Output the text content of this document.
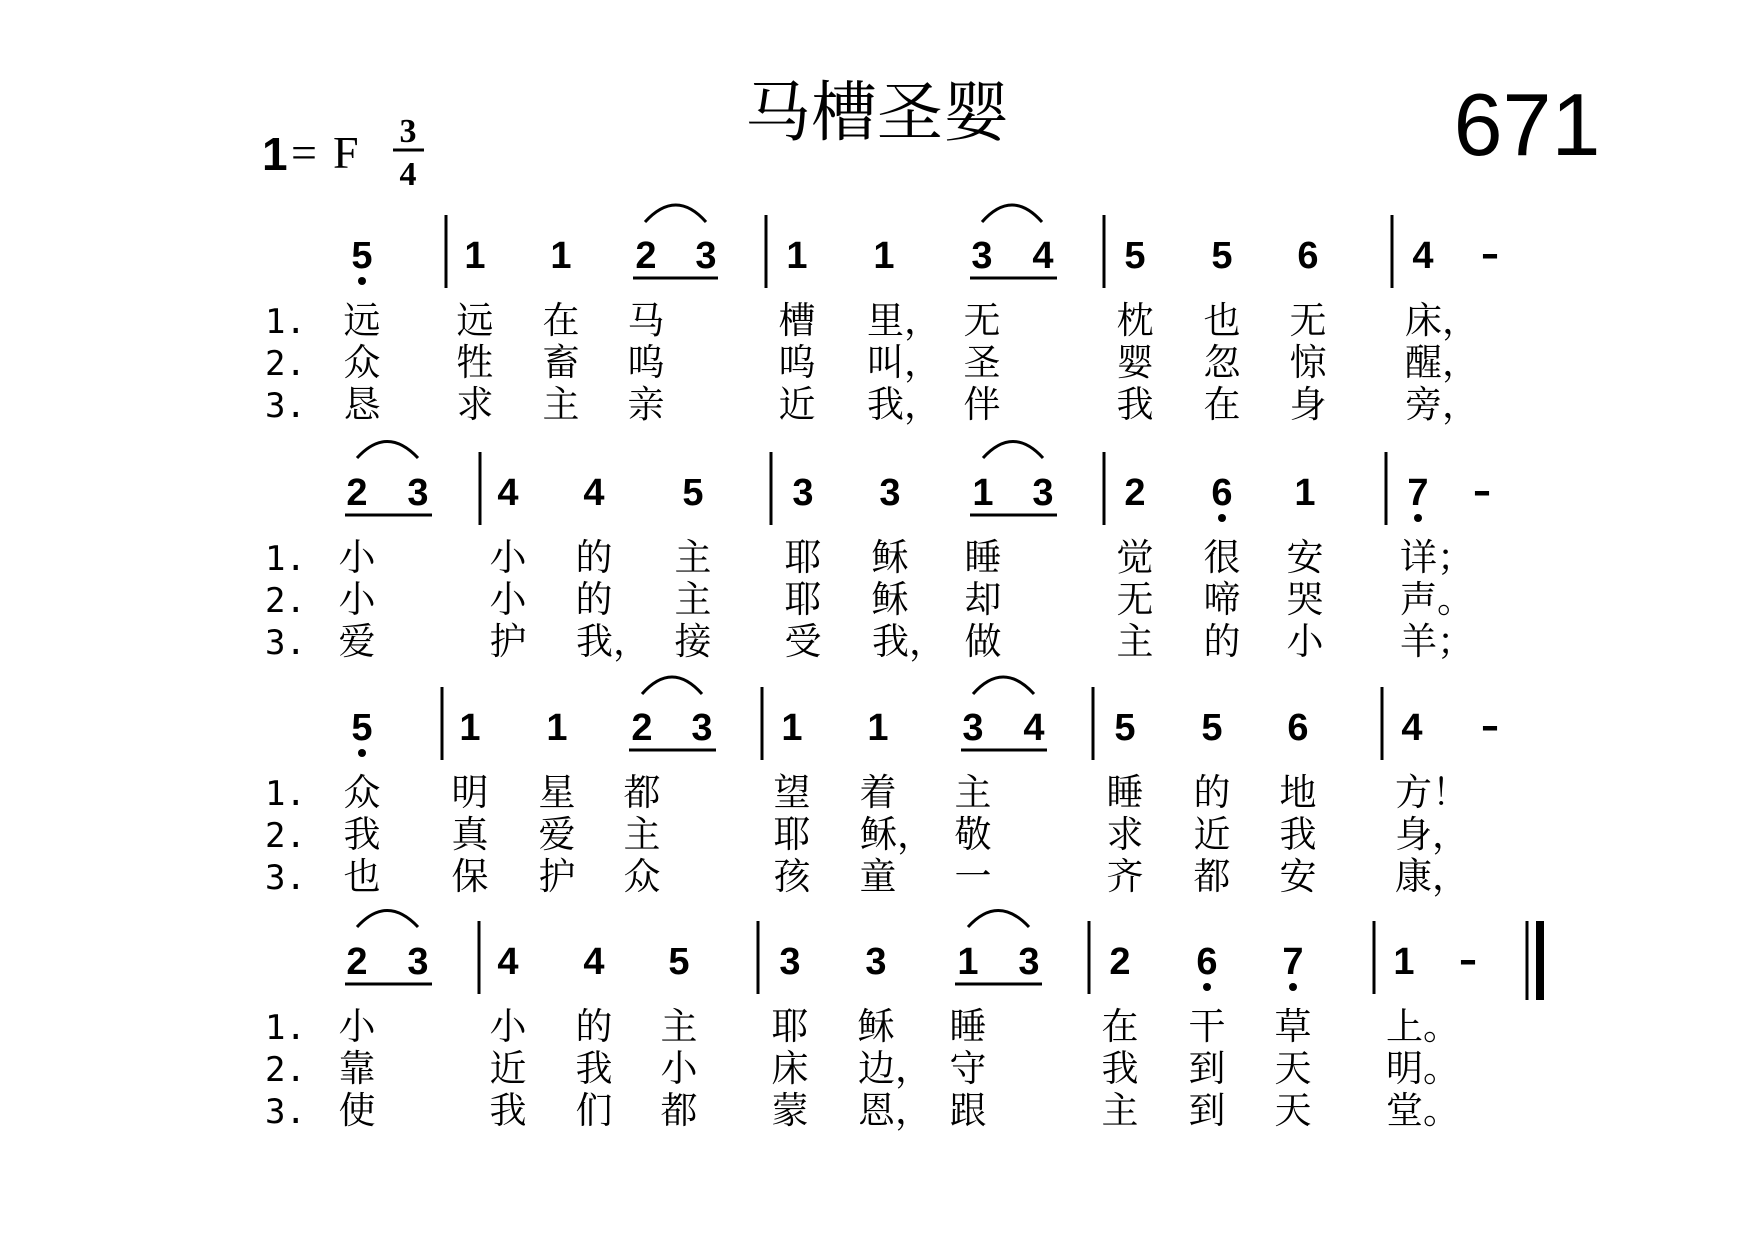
1 = F 3
4
马槽圣婴	671
5 1 1 2 3 1 1 3 4 5 5 6 4 –
1. 远 远 在 马	槽 里， 无	枕 也 无 床，
2. 众 牲 畜 呜	呜 叫， 圣	婴 忽 惊 醒，
3. 恳 求 主 亲	近 我， 伴	我 在 身 旁，
2 3 4 4 5 3 3 1 3 2 6 1 7 –
1. 小	小 的 主 耶 稣 睡	觉 很 安 详；
2. 小	小 的 主 耶 稣 却	无 啼 哭 声。
3. 爱	护 我， 接 受 我， 做	主 的 小 羊；
5 1 1 2 3 1 1 3 4 5 5 6 4 –
1. 众 明 星 都	望 着 主	睡 的 地 方！
2. 我 真 爱 主	耶 稣， 敬	求 近 我 身，
3. 也 保 护 众	孩 童 一	齐 都 安 康，
2 3 4 4 5 3 3 1 3 2 6 7 1 –
1. 小	小 的 主 耶 稣 睡	在 干 草 上。
2. 靠	近 我 小 床 边， 守	我 到 天 明。
3. 使	我 们 都 蒙 恩， 跟	主 到 天 堂。
